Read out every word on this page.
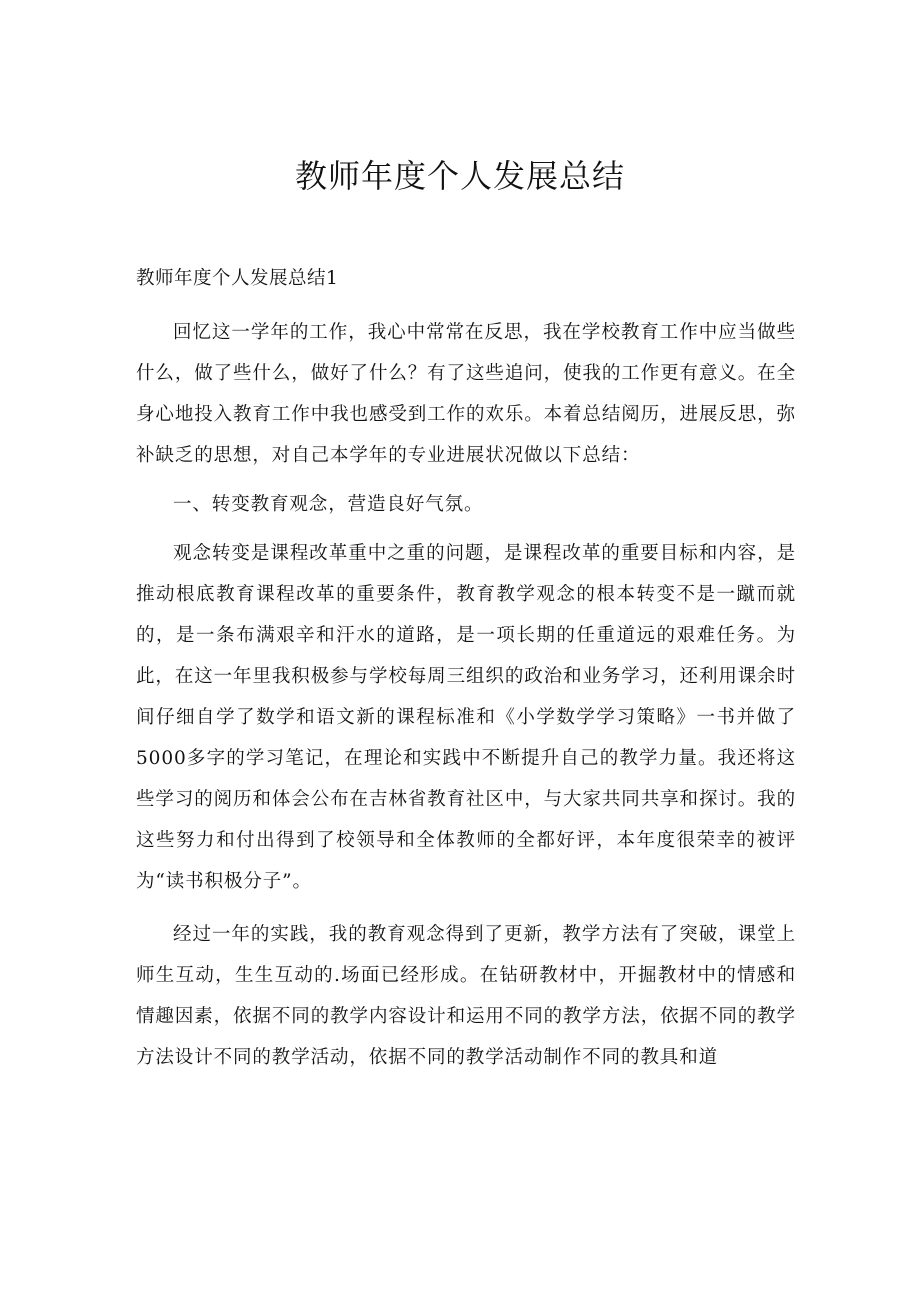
教师年度个人发展总结
教师年度个人发展总结1

回忆这一学年的工作，我心中常常在反思，我在学校教育工作中应当做些什么，做了些什么，做好了什么？有了这些追问，使我的工作更有意义。在全身心地投入教育工作中我也感受到工作的欢乐。本着总结阅历，进展反思，弥补缺乏的思想，对自己本学年的专业进展状况做以下总结：

一、转变教育观念，营造良好气氛。

观念转变是课程改革重中之重的问题，是课程改革的重要目标和内容，是推动根底教育课程改革的重要条件，教育教学观念的根本转变不是一蹴而就的，是一条布满艰辛和汗水的道路，是一项长期的任重道远的艰难任务。为此，在这一年里我积极参与学校每周三组织的政治和业务学习，还利用课余时间仔细自学了数学和语文新的课程标准和《小学数学学习策略》一书并做了5000多字的学习笔记，在理论和实践中不断提升自己的教学力量。我还将这些学习的阅历和体会公布在吉林省教育社区中，与大家共同共享和探讨。我的这些努力和付出得到了校领导和全体教师的全都好评，本年度很荣幸的被评为“读书积极分子”。

经过一年的实践，我的教育观念得到了更新，教学方法有了突破，课堂上师生互动，生生互动的.场面已经形成。在钻研教材中，开掘教材中的情感和情趣因素，依据不同的教学内容设计和运用不同的教学方法，依据不同的教学方法设计不同的教学活动，依据不同的教学活动制作不同的教具和道
